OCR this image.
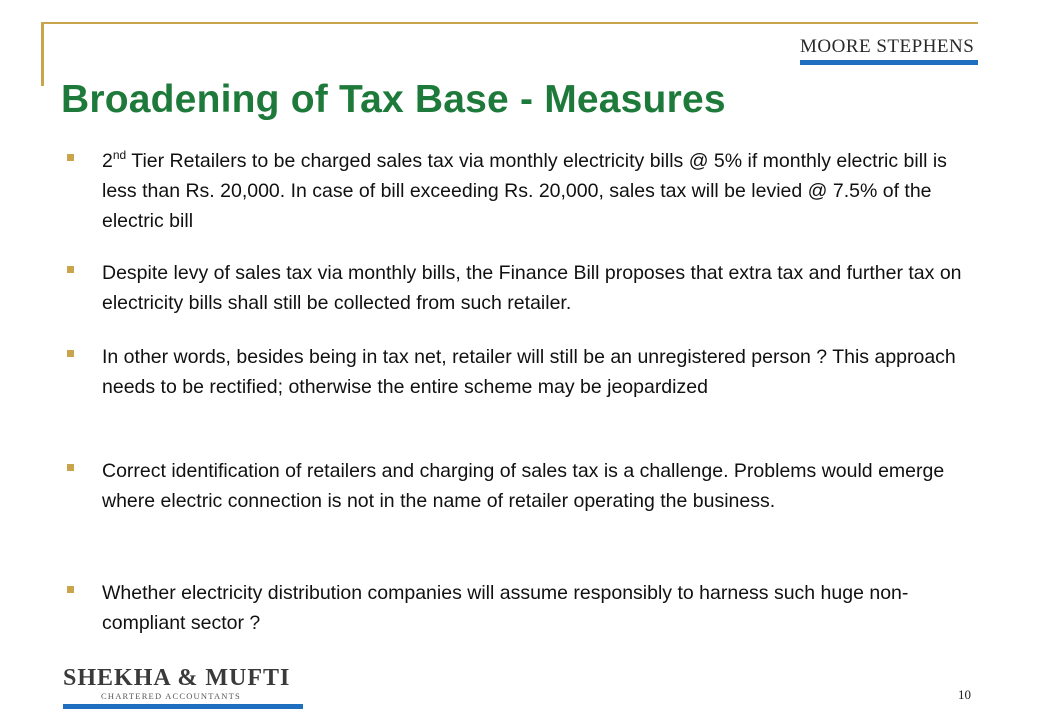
MOORE STEPHENS
Broadening of Tax Base - Measures
2nd Tier Retailers to be charged sales tax via monthly electricity bills @ 5% if monthly electric bill is less than Rs. 20,000. In case of bill exceeding Rs. 20,000, sales tax will be levied @ 7.5% of the electric bill
Despite levy of sales tax via monthly bills, the Finance Bill proposes that extra tax and further tax on electricity bills shall still be collected from such retailer.
In other words, besides being in tax net, retailer will still be an unregistered person ? This approach needs to be rectified; otherwise the entire scheme may be jeopardized
Correct identification of retailers and charging of sales tax is a challenge. Problems would emerge where electric connection is not in the name of retailer operating the business.
Whether electricity distribution companies will assume responsibly to harness such huge non-compliant sector ?
SHEKHA & MUFTI
CHARTERED ACCOUNTANTS	10
